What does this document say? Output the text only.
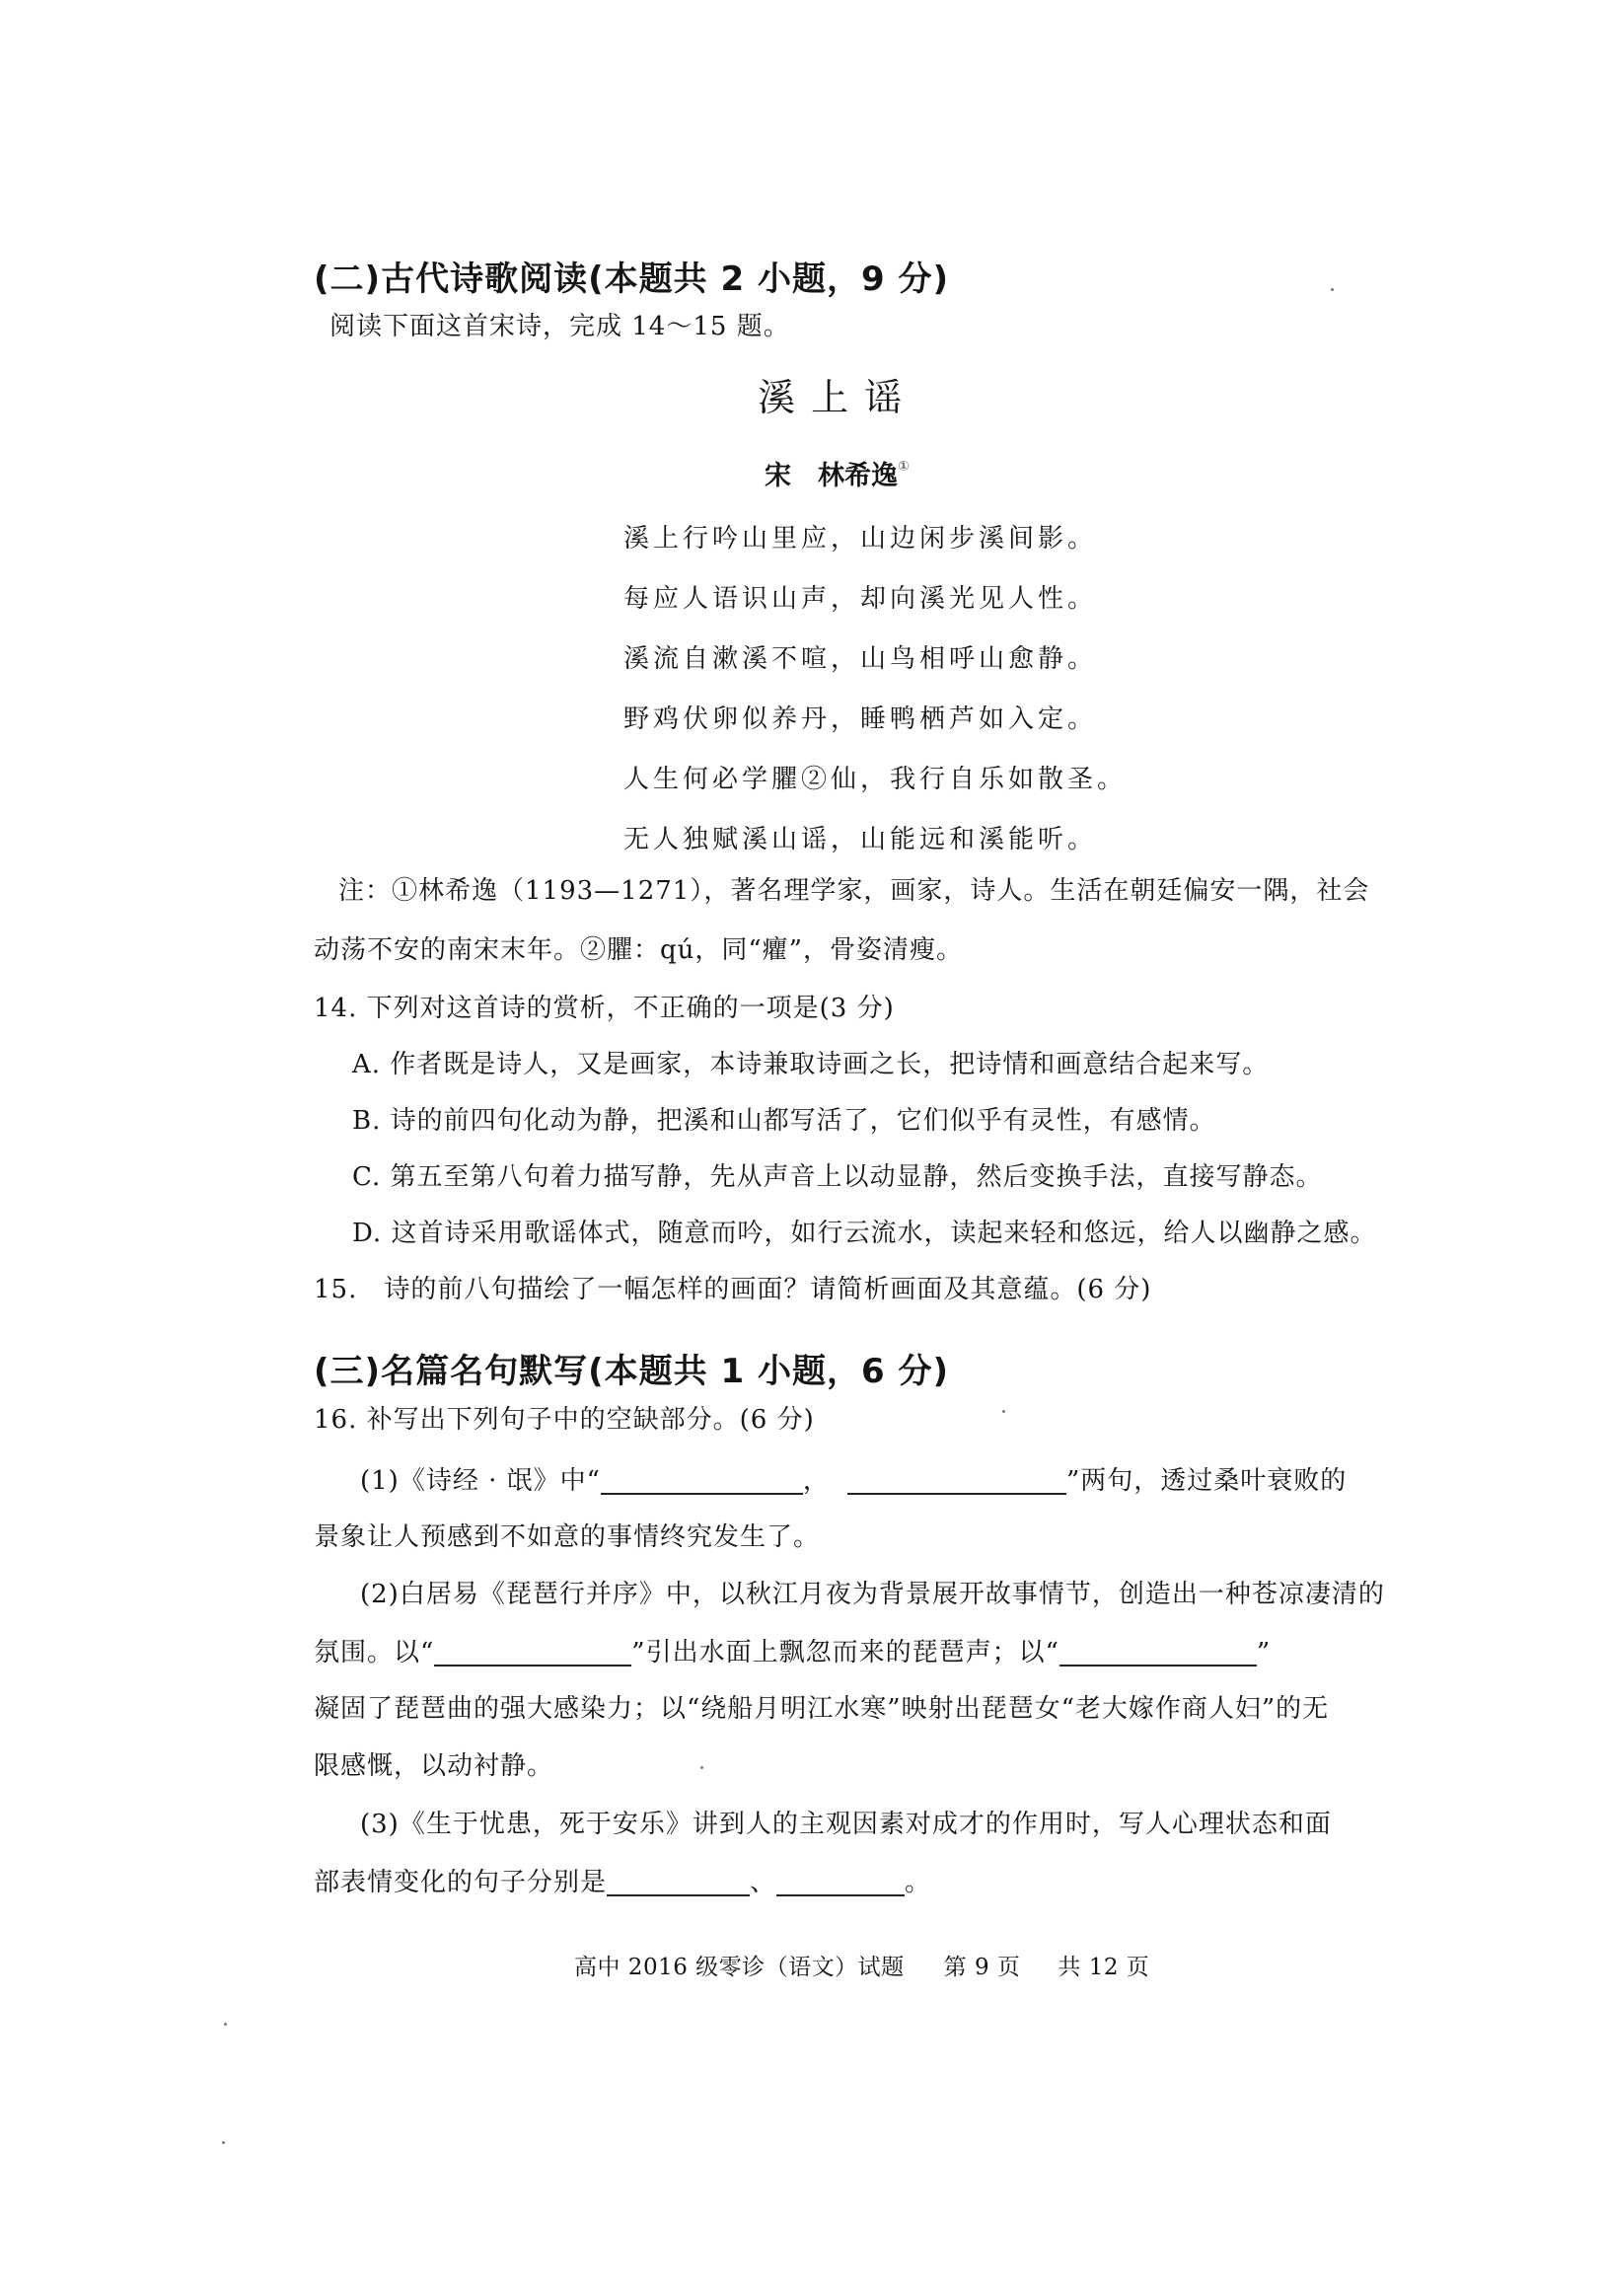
(二)古代诗歌阅读(本题共 2 小题，9 分)
阅读下面这首宋诗，完成 14～15 题。
溪 上 谣
宋　林希逸①
溪上行吟山里应，山边闲步溪间影。
每应人语识山声，却向溪光见人性。
溪流自漱溪不喧，山鸟相呼山愈静。
野鸡伏卵似养丹，睡鸭栖芦如入定。
人生何必学臞②仙，我行自乐如散圣。
无人独赋溪山谣，山能远和溪能听。
注：①林希逸（1193—1271），著名理学家，画家，诗人。生活在朝廷偏安一隅，社会
动荡不安的南宋末年。②臞：qú，同“癯”，骨姿清瘦。
14. 下列对这首诗的赏析，不正确的一项是(3 分)
A. 作者既是诗人，又是画家，本诗兼取诗画之长，把诗情和画意结合起来写。
B. 诗的前四句化动为静，把溪和山都写活了，它们似乎有灵性，有感情。
C. 第五至第八句着力描写静，先从声音上以动显静，然后变换手法，直接写静态。
D. 这首诗采用歌谣体式，随意而吟，如行云流水，读起来轻和悠远，给人以幽静之感。
15.　诗的前八句描绘了一幅怎样的画面？请简析画面及其意蕴。(6 分)
(三)名篇名句默写(本题共 1 小题，6 分)
16. 补写出下列句子中的空缺部分。(6 分)
(1)《诗经 · 氓》中“	，	”两句，透过桑叶衰败的
景象让人预感到不如意的事情终究发生了。
(2)白居易《琵琶行并序》中，以秋江月夜为背景展开故事情节，创造出一种苍凉凄清的
氛围。以“	”引出水面上飘忽而来的琵琶声；以“	”
凝固了琵琶曲的强大感染力；以“绕船月明江水寒”映射出琵琶女“老大嫁作商人妇”的无
限感慨，以动衬静。
(3)《生于忧患，死于安乐》讲到人的主观因素对成才的作用时，写人心理状态和面
部表情变化的句子分别是	、	。
高中 2016 级零诊（语文）试题 第 9 页 共 12 页
